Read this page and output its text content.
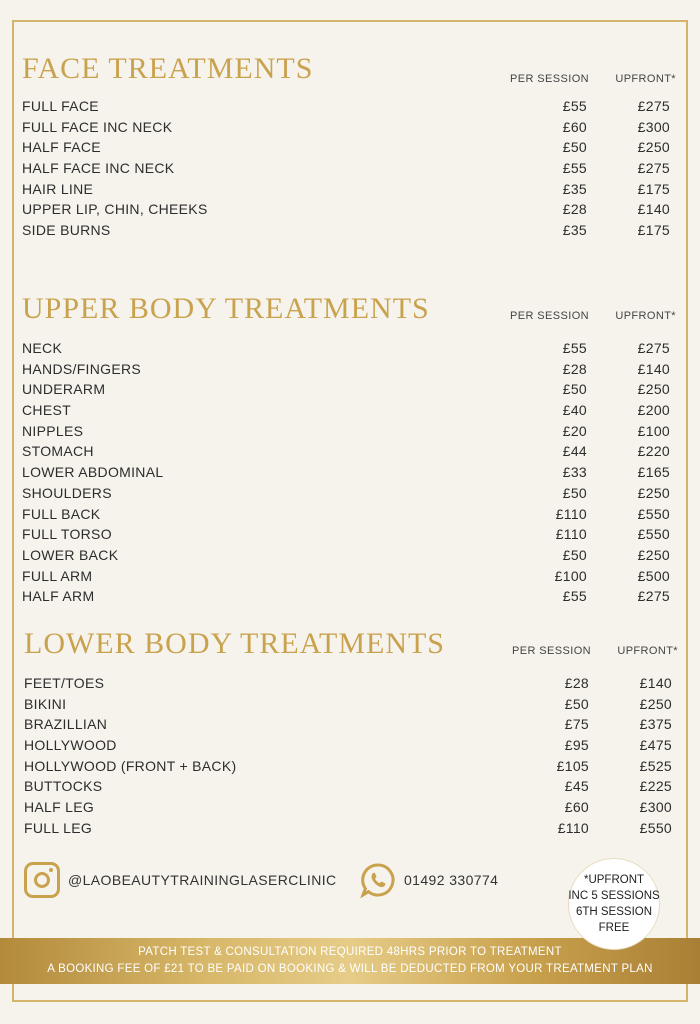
FACE TREATMENTS	PER SESSION	UPFRONT*
FULL FACE	£55	£275
FULL FACE INC NECK	£60	£300
HALF FACE	£50	£250
HALF FACE INC NECK	£55	£275
HAIR LINE	£35	£175
UPPER LIP, CHIN, CHEEKS	£28	£140
SIDE BURNS	£35	£175
UPPER BODY TREATMENTS	PER SESSION	UPFRONT*
NECK	£55	£275
HANDS/FINGERS	£28	£140
UNDERARM	£50	£250
CHEST	£40	£200
NIPPLES	£20	£100
STOMACH	£44	£220
LOWER ABDOMINAL	£33	£165
SHOULDERS	£50	£250
FULL BACK	£110	£550
FULL TORSO	£110	£550
LOWER BACK	£50	£250
FULL ARM	£100	£500
HALF ARM	£55	£275
LOWER BODY TREATMENTS	PER SESSION	UPFRONT*
FEET/TOES	£28	£140
BIKINI	£50	£250
BRAZILLIAN	£75	£375
HOLLYWOOD	£95	£475
HOLLYWOOD (FRONT + BACK)	£105	£525
BUTTOCKS	£45	£225
HALF LEG	£60	£300
FULL LEG	£110	£550
@LAOBEAUTYTRAININGLASERCLINIC	01492 330774	*UPFRONT
INC 5 SESSIONS
6TH SESSION
FREE
PATCH TEST & CONSULTATION REQUIRED 48HRS PRIOR TO TREATMENT
A BOOKING FEE OF £21 TO BE PAID ON BOOKING & WILL BE DEDUCTED FROM YOUR TREATMENT PLAN
